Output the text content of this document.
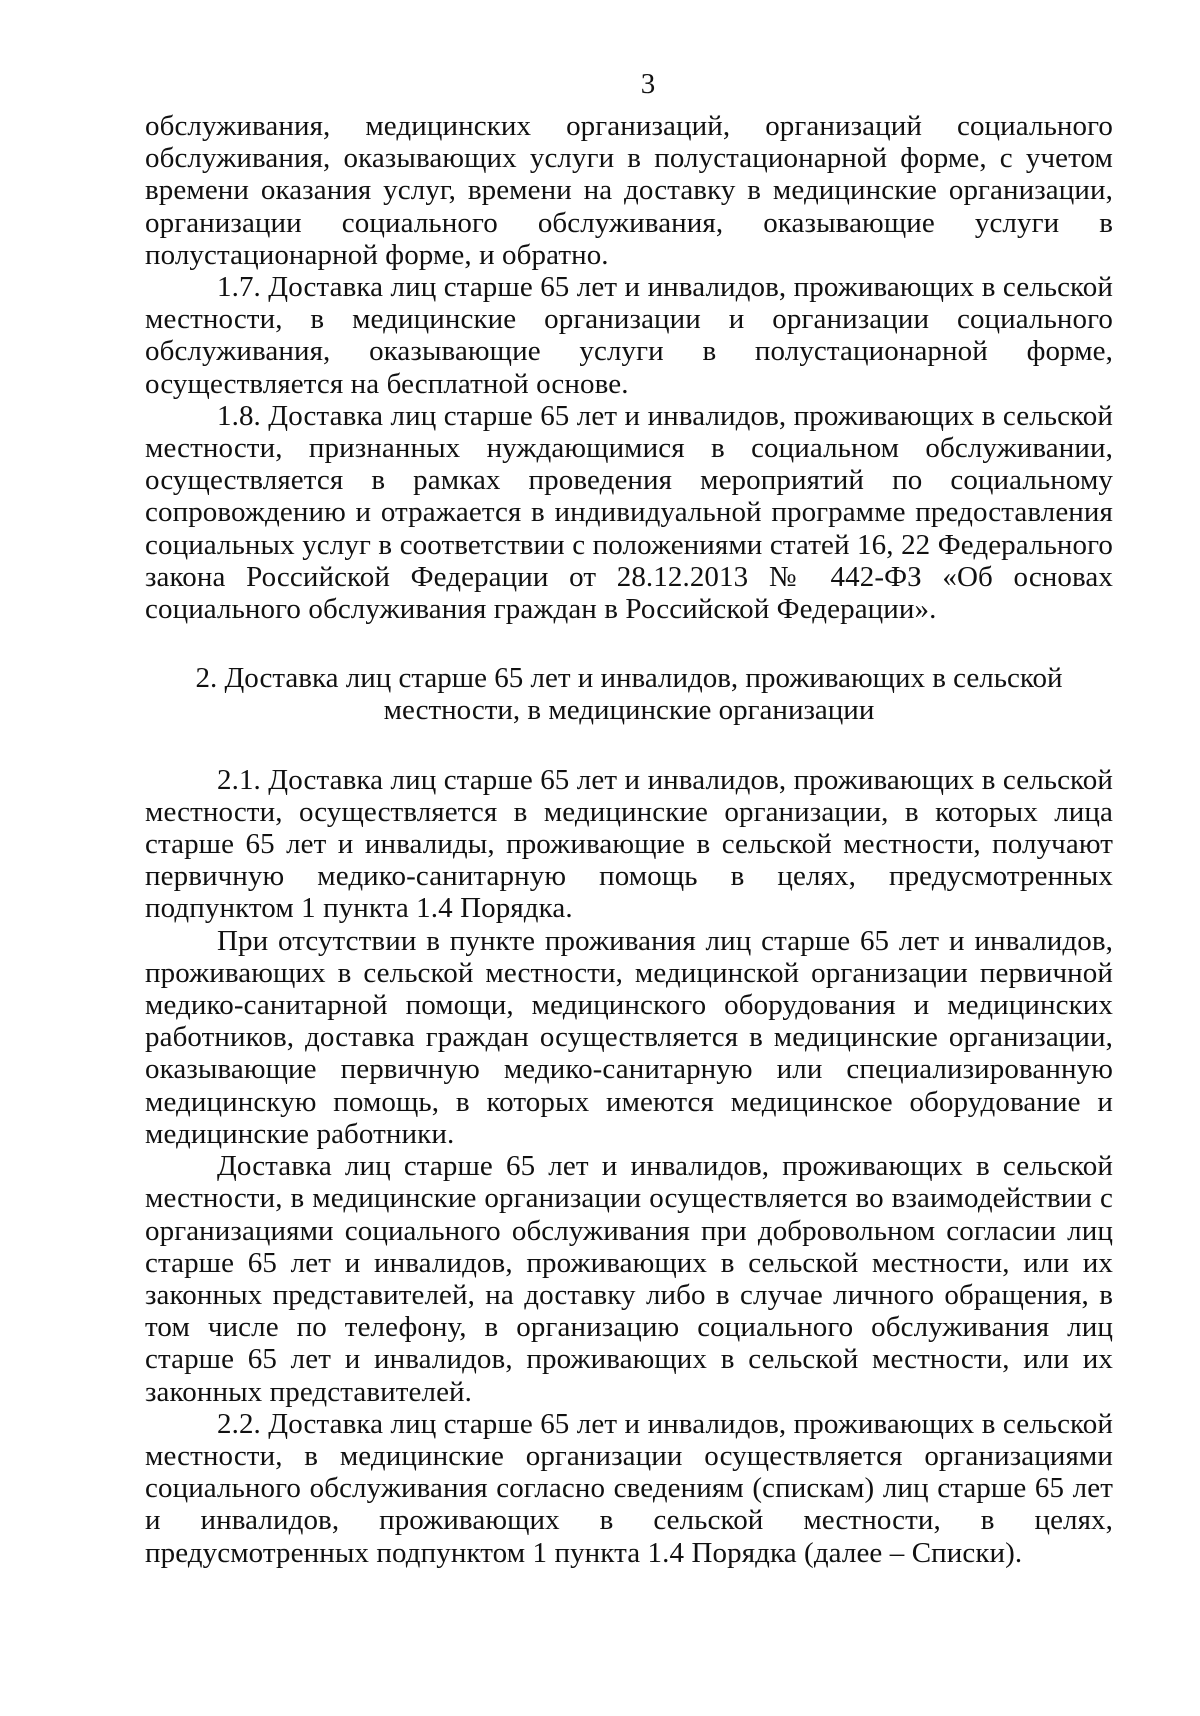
3

обслуживания, медицинских организаций, организаций социального обслуживания, оказывающих услуги в полустационарной форме, с учетом времени оказания услуг, времени на доставку в медицинские организации, организации социального обслуживания, оказывающие услуги в полустационарной форме, и обратно.

1.7. Доставка лиц старше 65 лет и инвалидов, проживающих в сельской местности, в медицинские организации и организации социального обслуживания, оказывающие услуги в полустационарной форме, осуществляется на бесплатной основе.

1.8. Доставка лиц старше 65 лет и инвалидов, проживающих в сельской местности, признанных нуждающимися в социальном обслуживании, осуществляется в рамках проведения мероприятий по социальному сопровождению и отражается в индивидуальной программе предоставления социальных услуг в соответствии с положениями статей 16, 22 Федерального закона Российской Федерации от 28.12.2013 № 442-ФЗ «Об основах социального обслуживания граждан в Российской Федерации».

2. Доставка лиц старше 65 лет и инвалидов, проживающих в сельской
местности, в медицинские организации

2.1. Доставка лиц старше 65 лет и инвалидов, проживающих в сельской местности, осуществляется в медицинские организации, в которых лица старше 65 лет и инвалиды, проживающие в сельской местности, получают первичную медико-санитарную помощь в целях, предусмотренных подпунктом 1 пункта 1.4 Порядка.

При отсутствии в пункте проживания лиц старше 65 лет и инвалидов, проживающих в сельской местности, медицинской организации первичной медико-санитарной помощи, медицинского оборудования и медицинских работников, доставка граждан осуществляется в медицинские организации, оказывающие первичную медико-санитарную или специализированную медицинскую помощь, в которых имеются медицинское оборудование и медицинские работники.

Доставка лиц старше 65 лет и инвалидов, проживающих в сельской местности, в медицинские организации осуществляется во взаимодействии с организациями социального обслуживания при добровольном согласии лиц старше 65 лет и инвалидов, проживающих в сельской местности, или их законных представителей, на доставку либо в случае личного обращения, в том числе по телефону, в организацию социального обслуживания лиц старше 65 лет и инвалидов, проживающих в сельской местности, или их законных представителей.

2.2. Доставка лиц старше 65 лет и инвалидов, проживающих в сельской местности, в медицинские организации осуществляется организациями социального обслуживания согласно сведениям (спискам) лиц старше 65 лет и инвалидов, проживающих в сельской местности, в целях, предусмотренных подпунктом 1 пункта 1.4 Порядка (далее – Списки).
